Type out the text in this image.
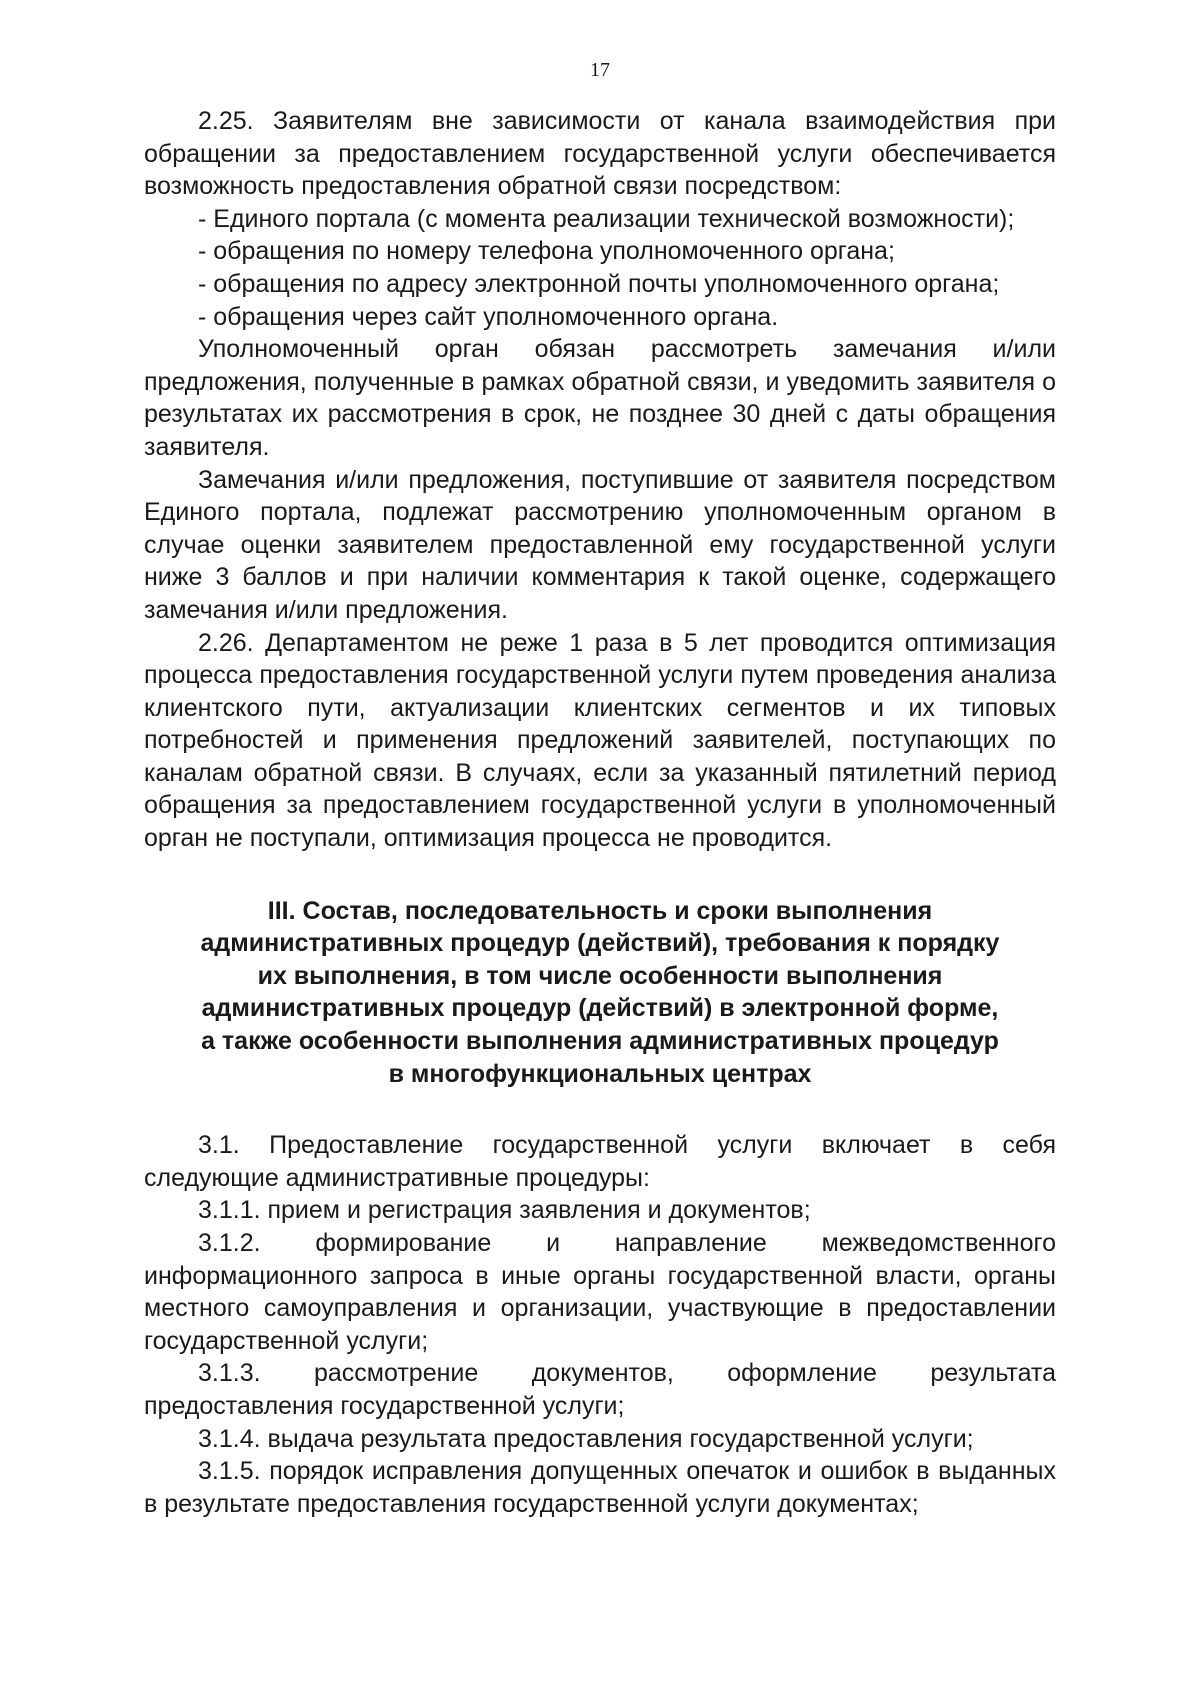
17

2.25. Заявителям вне зависимости от канала взаимодействия при обращении за предоставлением государственной услуги обеспечивается возможность предоставления обратной связи посредством:

- Единого портала (с момента реализации технической возможности);

- обращения по номеру телефона уполномоченного органа;

- обращения по адресу электронной почты уполномоченного органа;

- обращения через сайт уполномоченного органа.

Уполномоченный орган обязан рассмотреть замечания и/или предложения, полученные в рамках обратной связи, и уведомить заявителя о результатах их рассмотрения в срок, не позднее 30 дней с даты обращения заявителя.

Замечания и/или предложения, поступившие от заявителя посредством Единого портала, подлежат рассмотрению уполномоченным органом в случае оценки заявителем предоставленной ему государственной услуги ниже 3 баллов и при наличии комментария к такой оценке, содержащего замечания и/или предложения.

2.26. Департаментом не реже 1 раза в 5 лет проводится оптимизация процесса предоставления государственной услуги путем проведения анализа клиентского пути, актуализации клиентских сегментов и их типовых потребностей и применения предложений заявителей, поступающих по каналам обратной связи. В случаях, если за указанный пятилетний период обращения за предоставлением государственной услуги в уполномоченный орган не поступали, оптимизация процесса не проводится.

III. Состав, последовательность и сроки выполнения
административных процедур (действий), требования к порядку
их выполнения, в том числе особенности выполнения
административных процедур (действий) в электронной форме,
а также особенности выполнения административных процедур
в многофункциональных центрах

3.1. Предоставление государственной услуги включает в себя следующие административные процедуры:

3.1.1. прием и регистрация заявления и документов;

3.1.2. формирование и направление межведомственного информационного запроса в иные органы государственной власти, органы местного самоуправления и организации, участвующие в предоставлении государственной услуги;

3.1.3. рассмотрение документов, оформление результата предоставления государственной услуги;

3.1.4. выдача результата предоставления государственной услуги;

3.1.5. порядок исправления допущенных опечаток и ошибок в выданных в результате предоставления государственной услуги документах;
